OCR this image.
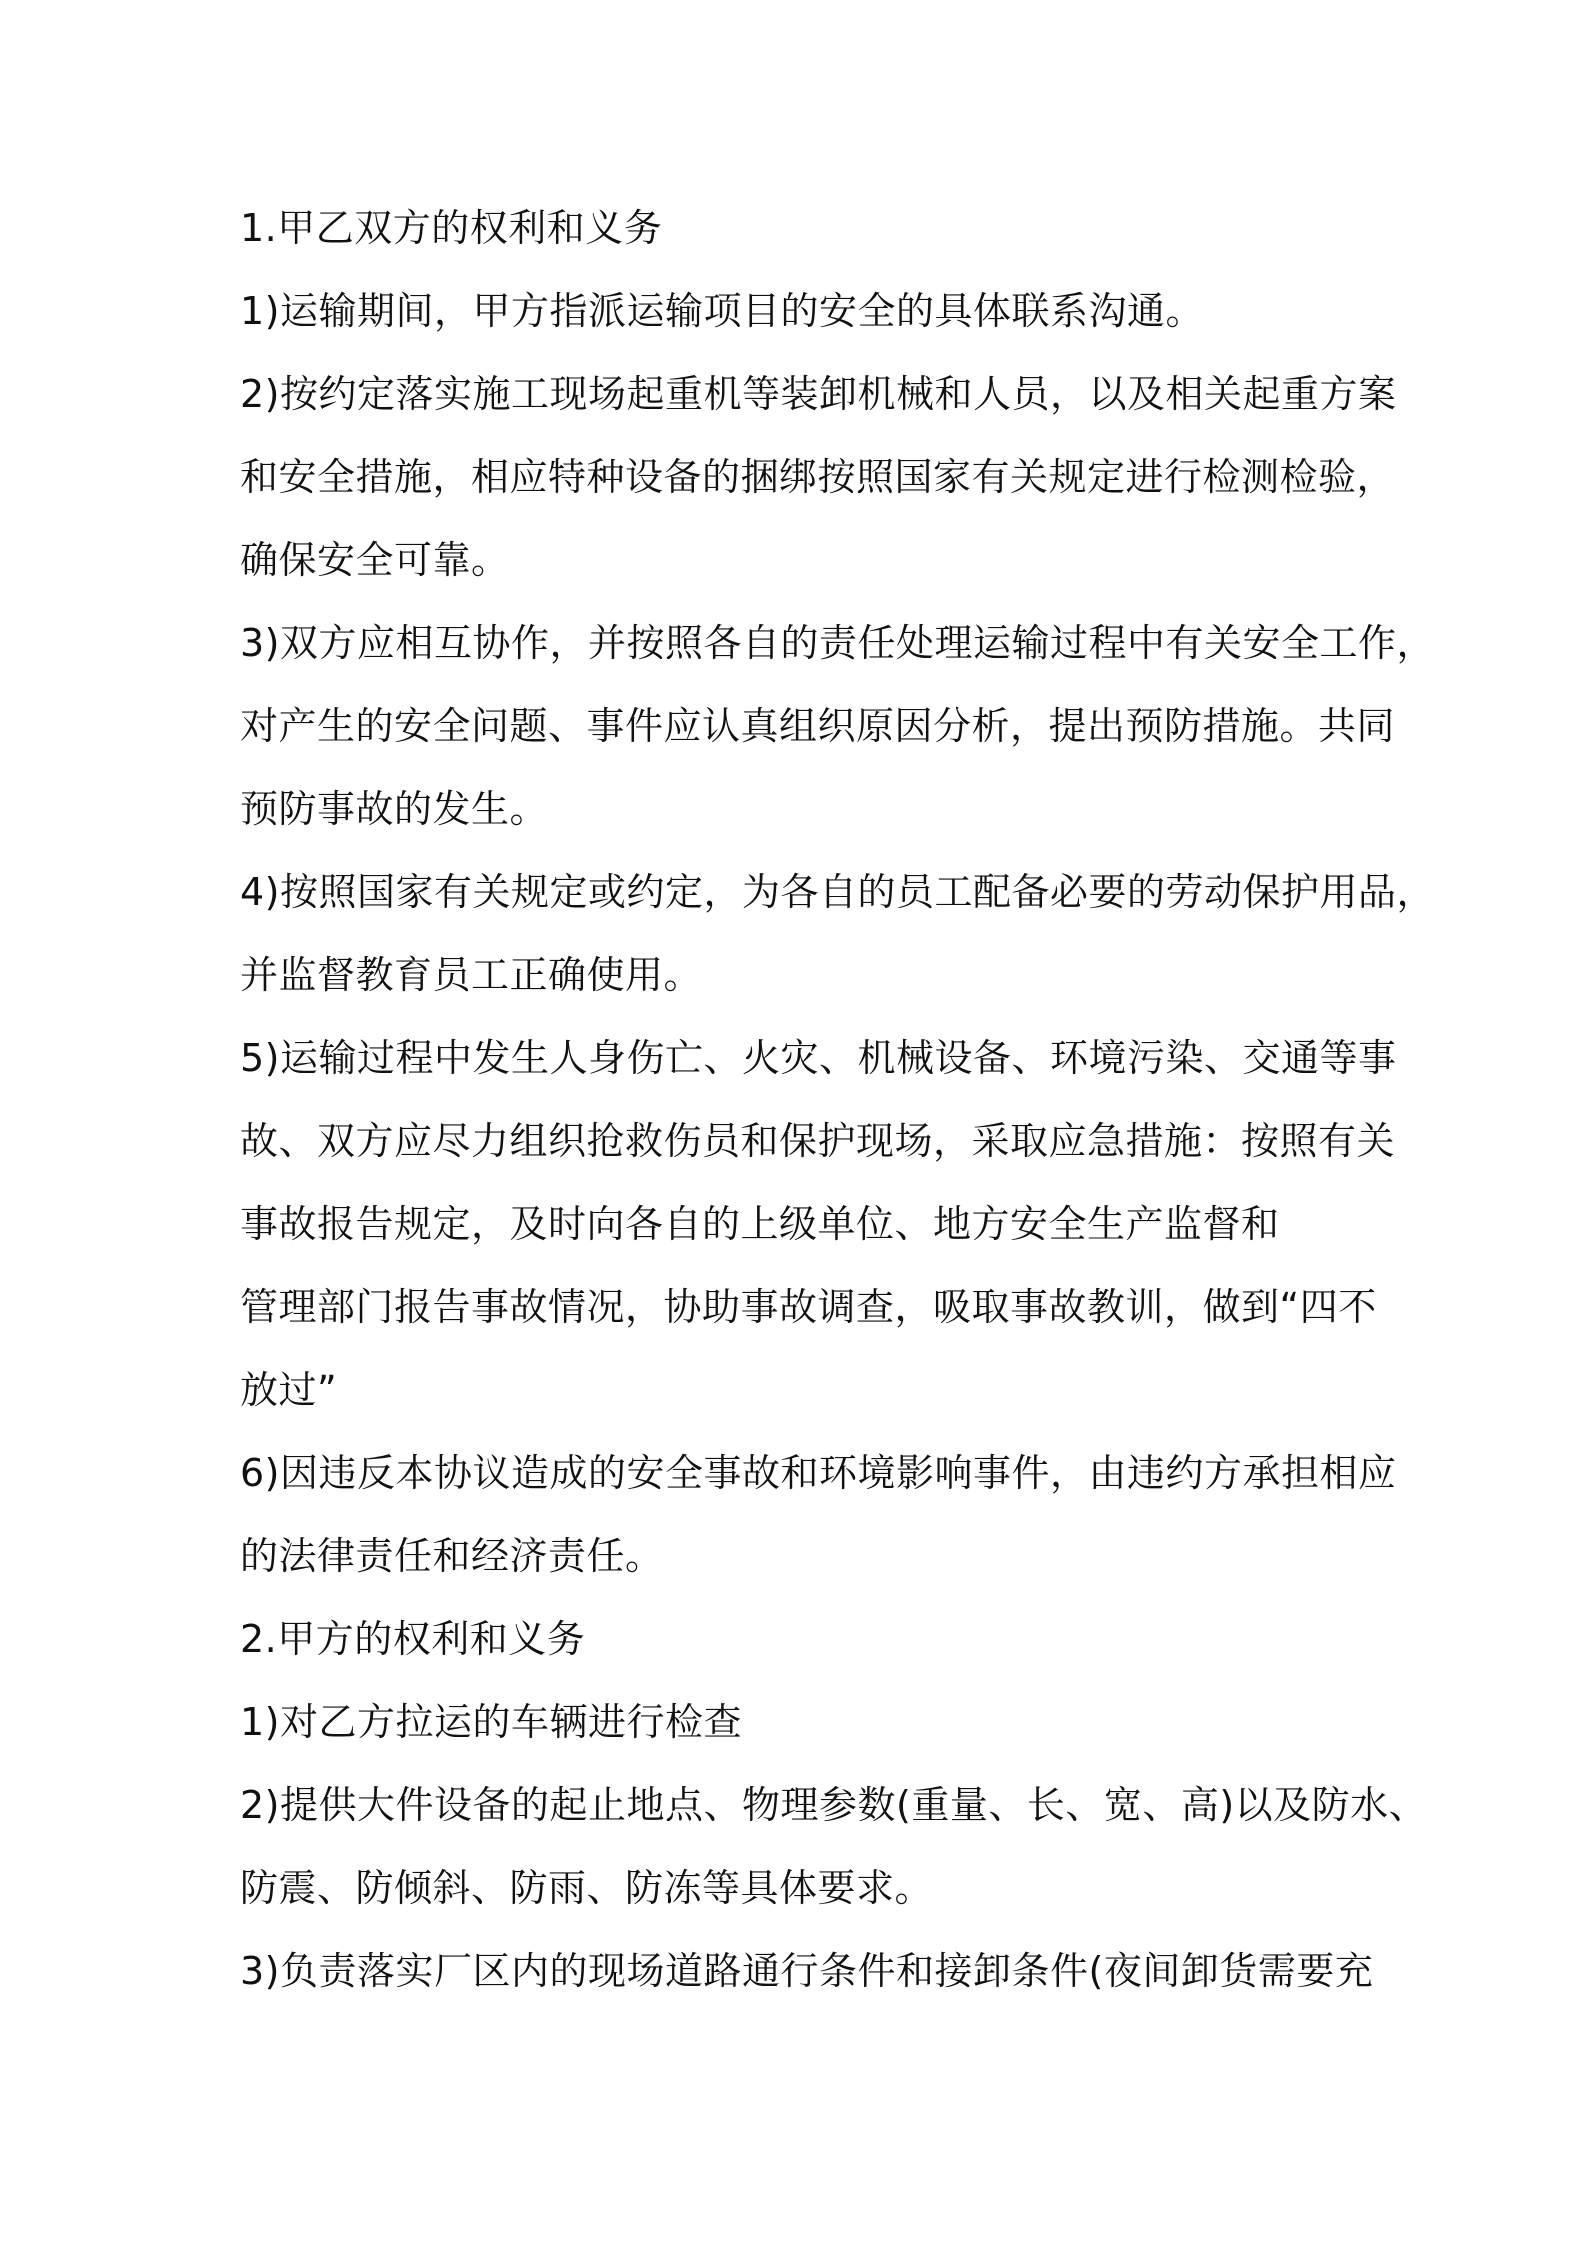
1.甲乙双方的权利和义务
1)运输期间，甲方指派运输项目的安全的具体联系沟通。
2)按约定落实施工现场起重机等装卸机械和人员，以及相关起重方案
和安全措施，相应特种设备的捆绑按照国家有关规定进行检测检验，
确保安全可靠。
3)双方应相互协作，并按照各自的责任处理运输过程中有关安全工作，
对产生的安全问题、事件应认真组织原因分析，提出预防措施。共同
预防事故的发生。
4)按照国家有关规定或约定，为各自的员工配备必要的劳动保护用品，
并监督教育员工正确使用。
5)运输过程中发生人身伤亡、火灾、机械设备、环境污染、交通等事
故、双方应尽力组织抢救伤员和保护现场，采取应急措施：按照有关
事故报告规定，及时向各自的上级单位、地方安全生产监督和
管理部门报告事故情况，协助事故调查，吸取事故教训，做到“四不
放过”
6)因违反本协议造成的安全事故和环境影响事件，由违约方承担相应
的法律责任和经济责任。
2.甲方的权利和义务
1)对乙方拉运的车辆进行检查
2)提供大件设备的起止地点、物理参数(重量、长、宽、高)以及防水、
防震、防倾斜、防雨、防冻等具体要求。
3)负责落实厂区内的现场道路通行条件和接卸条件(夜间卸货需要充
